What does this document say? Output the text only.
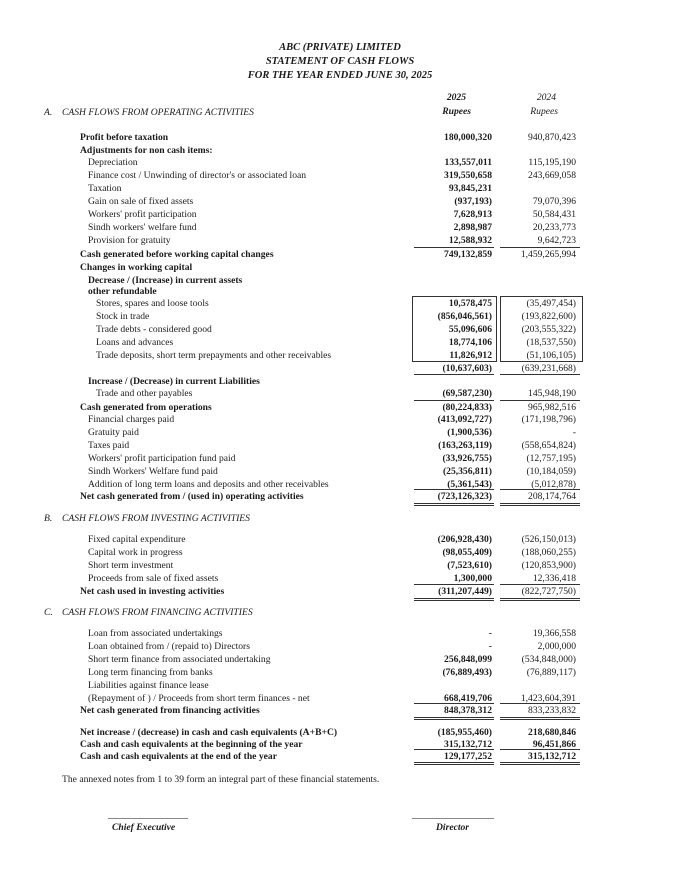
ABC (PRIVATE) LIMITED
STATEMENT OF CASH FLOWS
FOR THE YEAR ENDED JUNE 30, 2025
2025	2024
Rupees	Rupees
A. CASH FLOWS FROM OPERATING ACTIVITIES
Profit before taxation	180,000,320	940,870,423
Adjustments for non cash items:
Depreciation	133,557,011	115,195,190
Finance cost / Unwinding of director's or associated loan	319,550,658	243,669,058
Taxation	93,845,231
Gain on sale of fixed assets	(937,193)	79,070,396
Workers' profit participation	7,628,913	50,584,431
Sindh workers' welfare fund	2,898,987	20,233,773
Provision for gratuity	12,588,932	9,642,723
Cash generated before working capital changes	749,132,859	1,459,265,994
Changes in working capital
Decrease / (Increase) in current assets
other refundable
Stores, spares and loose tools	10,578,475	(35,497,454)
Stock in trade	(856,046,561)	(193,822,600)
Trade debts - considered good	55,096,606	(203,555,322)
Loans and advances	18,774,106	(18,537,550)
Trade deposits, short term prepayments and other receivables	11,826,912	(51,106,105)
(10,637,603)	(639,231,668)
Increase / (Decrease) in current Liabilities
Trade and other payables	(69,587,230)	145,948,190
Cash generated from operations	(80,224,833)	965,982,516
Financial charges paid	(413,092,727)	(171,198,796)
Gratuity paid	(1,900,536)	-
Taxes paid	(163,263,119)	(558,654,824)
Workers' profit participation fund paid	(33,926,755)	(12,757,195)
Sindh Workers' Welfare fund paid	(25,356,811)	(10,184,059)
Addition of long term loans and deposits and other receivables	(5,361,543)	(5,012,878)
Net cash generated from / (used in) operating activities	(723,126,323)	208,174,764
B. CASH FLOWS FROM INVESTING ACTIVITIES
Fixed capital expenditure	(206,928,430)	(526,150,013)
Capital work in progress	(98,055,409)	(188,060,255)
Short term investment	(7,523,610)	(120,853,900)
Proceeds from sale of fixed assets	1,300,000	12,336,418
Net cash used in investing activities	(311,207,449)	(822,727,750)
C. CASH FLOWS FROM FINANCING ACTIVITIES
Loan from associated undertakings	-	19,366,558
Loan obtained from / (repaid to) Directors	-	2,000,000
Short term finance from associated undertaking	256,848,099	(534,848,000)
Long term financing from banks	(76,889,493)	(76,889,117)
Liabilities against finance lease
(Repayment of ) / Proceeds from short term finances - net	668,419,706	1,423,604,391
Net cash generated from financing activities	848,378,312	833,233,832
Net increase / (decrease) in cash and cash equivalents (A+B+C)	(185,955,460)	218,680,846
Cash and cash equivalents at the beginning of the year	315,132,712	96,451,866
Cash and cash equivalents at the end of the year	129,177,252	315,132,712
The annexed notes from 1 to 39 form an integral part of these financial statements.
Chief Executive	Director
